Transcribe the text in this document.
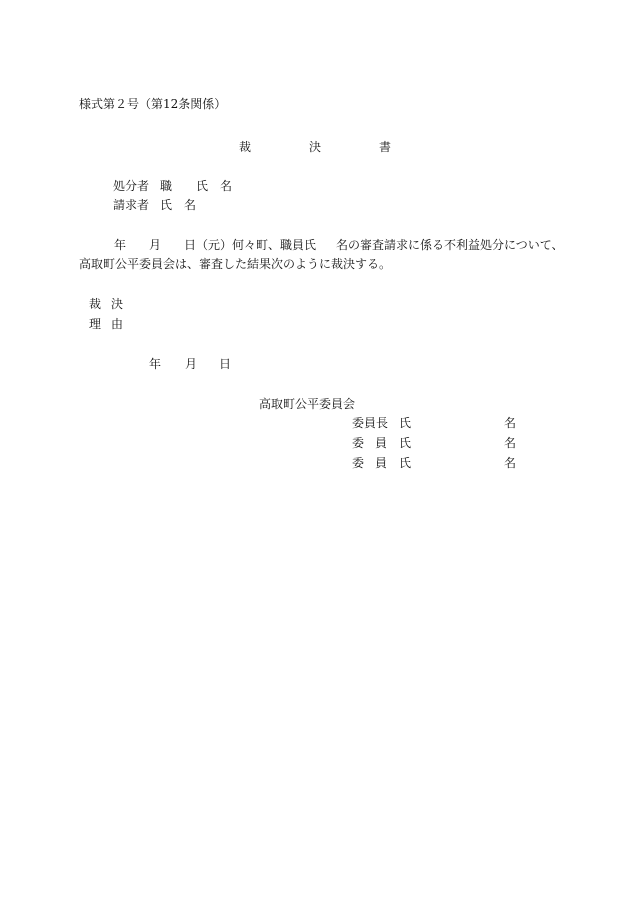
様式第２号（第12条関係）
裁	決	書
処分者 職 氏 名
請求者 氏 名
年 月 日（元）何々町、職員氏 名の審査請求に係る不利益処分について、
高取町公平委員会は、審査した結果次のように裁決する。
裁 決
理 由
年 月 日
高取町公平委員会
委員長 氏	名
委 員 氏	名
委 員 氏	名
